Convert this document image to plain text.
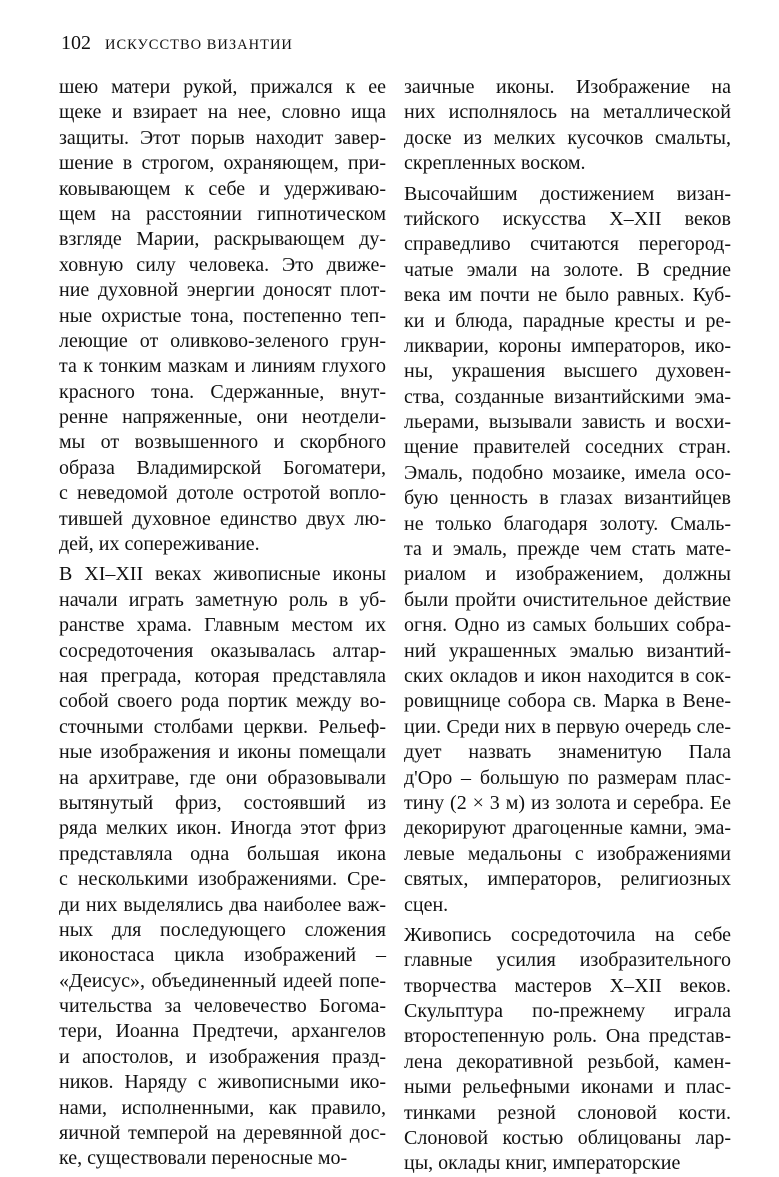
102 ИСКУССТВО ВИЗАНТИИ

шею матери рукой, прижался к ее
щеке и взирает на нее, словно ища
защиты. Этот порыв находит завер-
шение в строгом, охраняющем, при-
ковывающем к себе и удерживаю-
щем на расстоянии гипнотическом
взгляде Марии, раскрывающем ду-
ховную силу человека. Это движе-
ние духовной энергии доносят плот-
ные охристые тона, постепенно теп-
леющие от оливково-зеленого грун-
та к тонким мазкам и линиям глухого
красного тона. Сдержанные, внут-
ренне напряженные, они неотдели-
мы от возвышенного и скорбного
образа Владимирской Богоматери,
с неведомой дотоле остротой вопло-
тившей духовное единство двух лю-
дей, их сопереживание.

В XI–XII веках живописные иконы
начали играть заметную роль в уб-
ранстве храма. Главным местом их
сосредоточения оказывалась алтар-
ная преграда, которая представляла
собой своего рода портик между во-
сточными столбами церкви. Рельеф-
ные изображения и иконы помещали
на архитраве, где они образовывали
вытянутый фриз, состоявший из
ряда мелких икон. Иногда этот фриз
представляла одна большая икона
с несколькими изображениями. Сре-
ди них выделялись два наиболее важ-
ных для последующего сложения
иконостаса цикла изображений –
«Деисус», объединенный идеей попе-
чительства за человечество Богома-
тери, Иоанна Предтечи, архангелов
и апостолов, и изображения празд-
ников. Наряду с живописными ико-
нами, исполненными, как правило,
яичной темперой на деревянной дос-
ке, существовали переносные мо-

заичные иконы. Изображение на
них исполнялось на металлической
доске из мелких кусочков смальты,
скрепленных воском.

Высочайшим достижением визан-
тийского искусства X–XII веков
справедливо считаются перегород-
чатые эмали на золоте. В средние
века им почти не было равных. Куб-
ки и блюда, парадные кресты и ре-
ликварии, короны императоров, ико-
ны, украшения высшего духовен-
ства, созданные византийскими эма-
льерами, вызывали зависть и восхи-
щение правителей соседних стран.
Эмаль, подобно мозаике, имела осо-
бую ценность в глазах византийцев
не только благодаря золоту. Смаль-
та и эмаль, прежде чем стать мате-
риалом и изображением, должны
были пройти очистительное действие
огня. Одно из самых больших собра-
ний украшенных эмалью византий-
ских окладов и икон находится в сок-
ровищнице собора св. Марка в Вене-
ции. Среди них в первую очередь сле-
дует назвать знаменитую Пала
д'Оро – большую по размерам плас-
тину (2 × 3 м) из золота и серебра. Ее
декорируют драгоценные камни, эма-
левые медальоны с изображениями
святых, императоров, религиозных
сцен.

Живопись сосредоточила на себе
главные усилия изобразительного
творчества мастеров X–XII веков.
Скульптура по-прежнему играла
второстепенную роль. Она представ-
лена декоративной резьбой, камен-
ными рельефными иконами и плас-
тинками резной слоновой кости.
Слоновой костью облицованы лар-
цы, оклады книг, императорские
